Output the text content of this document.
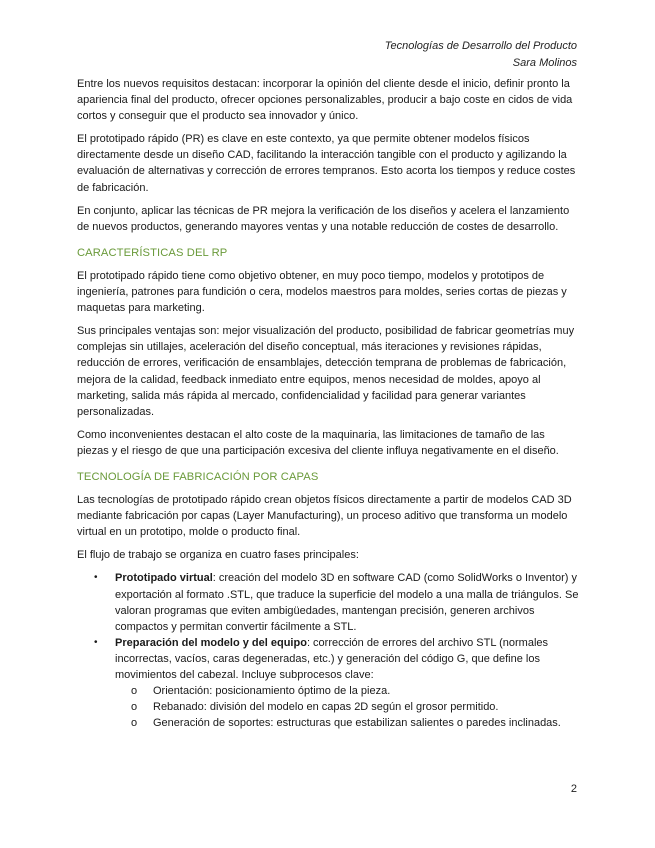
Tecnologías de Desarrollo del Producto
Sara Molinos

Entre los nuevos requisitos destacan: incorporar la opinión del cliente desde el inicio, definir pronto la apariencia final del producto, ofrecer opciones personalizables, producir a bajo coste en cidos de vida cortos y conseguir que el producto sea innovador y único.

El prototipado rápido (PR) es clave en este contexto, ya que permite obtener modelos físicos directamente desde un diseño CAD, facilitando la interacción tangible con el producto y agilizando la evaluación de alternativas y corrección de errores tempranos. Esto acorta los tiempos y reduce costes de fabricación.

En conjunto, aplicar las técnicas de PR mejora la verificación de los diseños y acelera el lanzamiento de nuevos productos, generando mayores ventas y una notable reducción de costes de desarrollo.

CARACTERÍSTICAS DEL RP

El prototipado rápido tiene como objetivo obtener, en muy poco tiempo, modelos y prototipos de ingeniería, patrones para fundición o cera, modelos maestros para moldes, series cortas de piezas y maquetas para marketing.

Sus principales ventajas son: mejor visualización del producto, posibilidad de fabricar geometrías muy complejas sin utillajes, aceleración del diseño conceptual, más iteraciones y revisiones rápidas, reducción de errores, verificación de ensamblajes, detección temprana de problemas de fabricación, mejora de la calidad, feedback inmediato entre equipos, menos necesidad de moldes, apoyo al marketing, salida más rápida al mercado, confidencialidad y facilidad para generar variantes personalizadas.

Como inconvenientes destacan el alto coste de la maquinaria, las limitaciones de tamaño de las piezas y el riesgo de que una participación excesiva del cliente influya negativamente en el diseño.

TECNOLOGÍA DE FABRICACIÓN POR CAPAS

Las tecnologías de prototipado rápido crean objetos físicos directamente a partir de modelos CAD 3D mediante fabricación por capas (Layer Manufacturing), un proceso aditivo que transforma un modelo virtual en un prototipo, molde o producto final.

El flujo de trabajo se organiza en cuatro fases principales:

• Prototipado virtual: creación del modelo 3D en software CAD (como SolidWorks o Inventor) y exportación al formato .STL, que traduce la superficie del modelo a una malla de triángulos. Se valoran programas que eviten ambigüedades, mantengan precisión, generen archivos compactos y permitan convertir fácilmente a STL.
• Preparación del modelo y del equipo: corrección de errores del archivo STL (normales incorrectas, vacíos, caras degeneradas, etc.) y generación del código G, que define los movimientos del cabezal. Incluye subprocesos clave:
o Orientación: posicionamiento óptimo de la pieza.
o Rebanado: división del modelo en capas 2D según el grosor permitido.
o Generación de soportes: estructuras que estabilizan salientes o paredes inclinadas.
2
